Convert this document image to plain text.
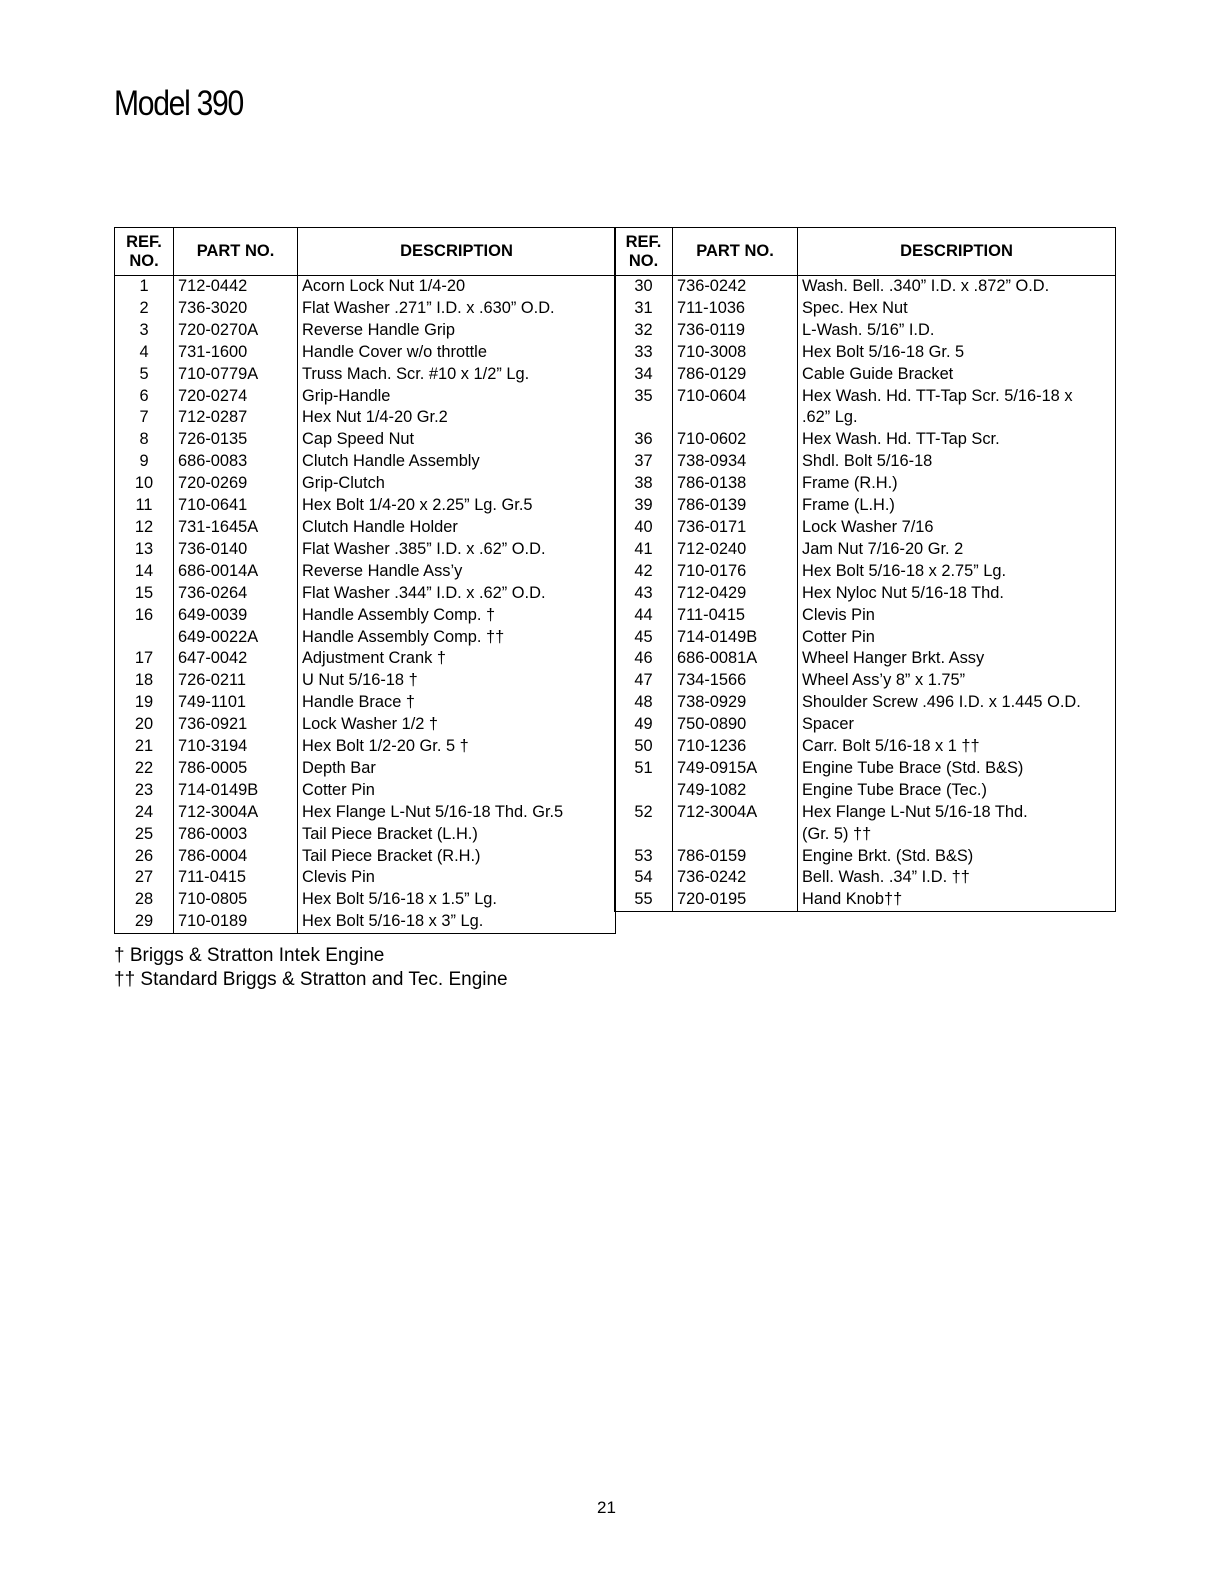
Model 390
REF.
NO.	PART NO.	DESCRIPTION
1	712-0442	Acorn Lock Nut 1/4-20
2	736-3020	Flat Washer .271” I.D. x .630” O.D.
3	720-0270A	Reverse Handle Grip
4	731-1600	Handle Cover w/o throttle
5	710-0779A	Truss Mach. Scr. #10 x 1/2” Lg.
6	720-0274	Grip-Handle
7	712-0287	Hex Nut 1/4-20 Gr.2
8	726-0135	Cap Speed Nut
9	686-0083	Clutch Handle Assembly
10	720-0269	Grip-Clutch
11	710-0641	Hex Bolt 1/4-20 x 2.25” Lg. Gr.5
12	731-1645A	Clutch Handle Holder
13	736-0140	Flat Washer .385” I.D. x .62” O.D.
14	686-0014A	Reverse Handle Ass’y
15	736-0264	Flat Washer .344” I.D. x .62” O.D.
16	649-0039	Handle Assembly Comp. †
	649-0022A	Handle Assembly Comp. ††
17	647-0042	Adjustment Crank †
18	726-0211	U Nut 5/16-18 †
19	749-1101	Handle Brace †
20	736-0921	Lock Washer 1/2 †
21	710-3194	Hex Bolt 1/2-20 Gr. 5 †
22	786-0005	Depth Bar
23	714-0149B	Cotter Pin
24	712-3004A	Hex Flange L-Nut 5/16-18 Thd. Gr.5
25	786-0003	Tail Piece Bracket (L.H.)
26	786-0004	Tail Piece Bracket (R.H.)
27	711-0415	Clevis Pin
28	710-0805	Hex Bolt 5/16-18 x 1.5” Lg.
29	710-0189	Hex Bolt 5/16-18 x 3” Lg.
REF.
NO.	PART NO.	DESCRIPTION
30	736-0242	Wash. Bell. .340” I.D. x .872” O.D.
31	711-1036	Spec. Hex Nut
32	736-0119	L-Wash. 5/16” I.D.
33	710-3008	Hex Bolt 5/16-18 Gr. 5
34	786-0129	Cable Guide Bracket
35	710-0604	Hex Wash. Hd. TT-Tap Scr. 5/16-18 x
		.62” Lg.
36	710-0602	Hex Wash. Hd. TT-Tap Scr.
37	738-0934	Shdl. Bolt 5/16-18
38	786-0138	Frame (R.H.)
39	786-0139	Frame (L.H.)
40	736-0171	Lock Washer 7/16
41	712-0240	Jam Nut 7/16-20 Gr. 2
42	710-0176	Hex Bolt 5/16-18 x 2.75” Lg.
43	712-0429	Hex Nyloc Nut 5/16-18 Thd.
44	711-0415	Clevis Pin
45	714-0149B	Cotter Pin
46	686-0081A	Wheel Hanger Brkt. Assy
47	734-1566	Wheel Ass’y 8” x 1.75”
48	738-0929	Shoulder Screw .496 I.D. x 1.445 O.D.
49	750-0890	Spacer
50	710-1236	Carr. Bolt 5/16-18 x 1 ††
51	749-0915A	Engine Tube Brace (Std. B&S)
	749-1082	Engine Tube Brace (Tec.)
52	712-3004A	Hex Flange L-Nut 5/16-18 Thd.
		(Gr. 5) ††
53	786-0159	Engine Brkt. (Std. B&S)
54	736-0242	Bell. Wash. .34” I.D. ††
55	720-0195	Hand Knob††
† Briggs & Stratton Intek Engine
†† Standard Briggs & Stratton and Tec. Engine
21
